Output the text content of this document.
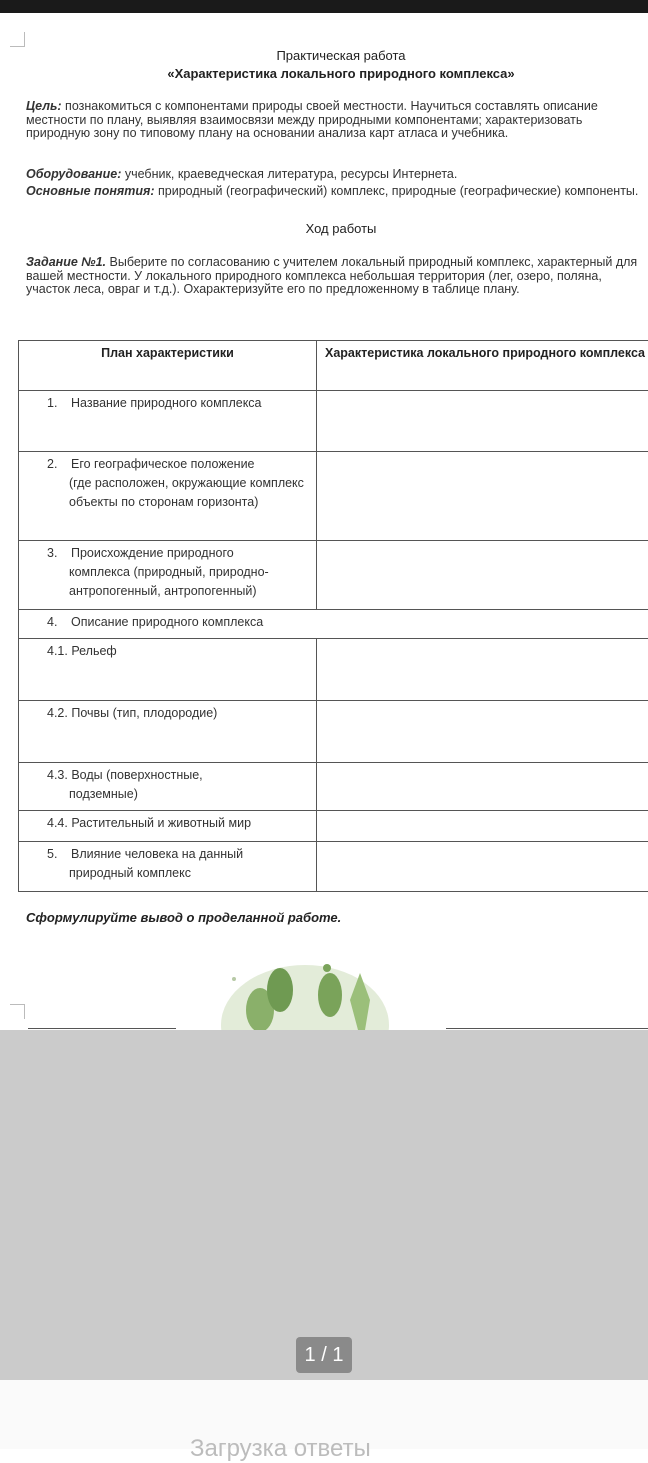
Практическая работа
«Характеристика локального природного комплекса»
Цель: познакомиться с компонентами природы своей местности. Научиться составлять описание местности по плану, выявляя взаимосвязи между природными компонентами; характеризовать природную зону по типовому плану на основании анализа карт атласа и учебника.
Оборудование: учебник, краеведческая литература, ресурсы Интернета.
Основные понятия: природный (географический) комплекс, природные (географические) компоненты.
Ход работы
Задание №1. Выберите по согласованию с учителем локальный природный комплекс, характерный для вашей местности. У локального природного комплекса небольшая территория (лег, озеро, поляна, участок леса, овраг и т.д.). Охарактеризуйте его по предложенному в таблице плану.
План характеристики	Характеристика локального природного комплекса
1. Название природного комплекса	
2. Его географическое положение
(где расположен, окружающие комплекс объекты по сторонам горизонта)	

3. Происхождение природного
комплекса (природный, природно-антропогенный, антропогенный)	

4. Описание природного комплекса	
4.1. Рельеф	
4.2. Почвы (тип, плодородие)	
4.3. Воды (поверхностные,
подземные)	

4.4. Растительный и животный мир	
5. Влияние человека на данный
природный комплекс	

Сформулируйте вывод о проделанной работе.
1 / 1
Загрузка ответы
